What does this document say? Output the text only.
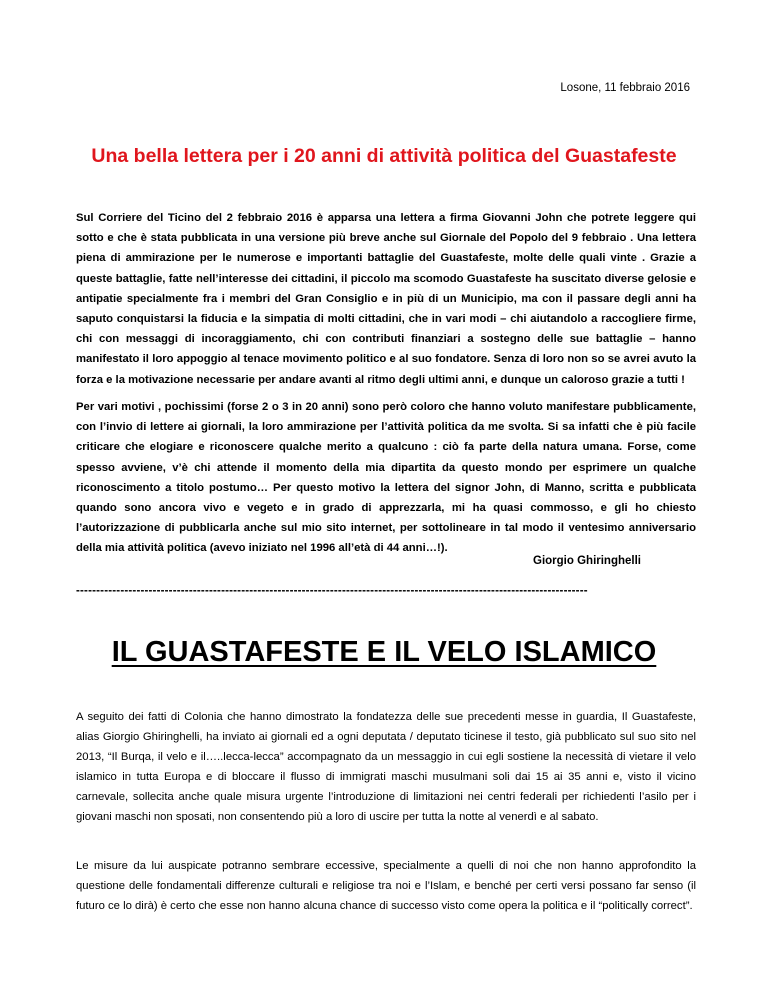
Losone, 11 febbraio 2016
Una bella lettera per i 20 anni di attività politica del Guastafeste

Sul Corriere del Ticino del 2 febbraio 2016 è apparsa una lettera a firma Giovanni John che potrete leggere qui sotto e che è stata pubblicata in una versione più breve anche sul Giornale del Popolo del 9 febbraio . Una lettera piena di ammirazione per le numerose e importanti battaglie del Guastafeste, molte delle quali vinte . Grazie a queste battaglie, fatte nell’interesse dei cittadini, il piccolo ma scomodo Guastafeste ha suscitato diverse gelosie e antipatie specialmente fra i membri del Gran Consiglio e in più di un Municipio, ma con il passare degli anni ha saputo conquistarsi la fiducia e la simpatia di molti cittadini, che in vari modi – chi aiutandolo a raccogliere firme, chi con messaggi di incoraggiamento, chi con contributi finanziari a sostegno delle sue battaglie – hanno manifestato il loro appoggio al tenace movimento politico e al suo fondatore. Senza di loro non so se avrei avuto la forza e la motivazione necessarie per andare avanti al ritmo degli ultimi anni, e dunque un caloroso grazie a tutti !

Per vari motivi , pochissimi (forse 2 o 3 in 20 anni) sono però coloro che hanno voluto manifestare pubblicamente, con l’invio di lettere ai giornali, la loro ammirazione per l’attività politica da me svolta. Si sa infatti che è più facile criticare che elogiare e riconoscere qualche merito a qualcuno : ciò fa parte della natura umana. Forse, come spesso avviene, v’è chi attende il momento della mia dipartita da questo mondo per esprimere un qualche riconoscimento a titolo postumo… Per questo motivo la lettera del signor John, di Manno, scritta e pubblicata quando sono ancora vivo e vegeto e in grado di apprezzarla, mi ha quasi commosso, e gli ho chiesto l’autorizzazione di pubblicarla anche sul mio sito internet, per sottolineare in tal modo il ventesimo anniversario della mia attività politica (avevo iniziato nel 1996 all’età di 44 anni…!).

Giorgio Ghiringhelli
-------------------------------------------------------------------------------------------------------------------------------
IL GUASTAFESTE E IL VELO ISLAMICO

A seguito dei fatti di Colonia che hanno dimostrato la fondatezza delle sue precedenti messe in guardia, Il Guastafeste, alias Giorgio Ghiringhelli, ha inviato ai giornali ed a ogni deputata / deputato ticinese il testo, già pubblicato sul suo sito nel 2013, “Il Burqa, il velo e il…..lecca-lecca” accompagnato da un messaggio in cui egli sostiene la necessità di vietare il velo islamico in tutta Europa e di bloccare il flusso di immigrati maschi musulmani soli dai 15 ai 35 anni e, visto il vicino carnevale, sollecita anche quale misura urgente l’introduzione di limitazioni nei centri federali per richiedenti l’asilo per i giovani maschi non sposati, non consentendo più a loro di uscire per tutta la notte al venerdì e al sabato.

Le misure da lui auspicate potranno sembrare eccessive, specialmente a quelli di noi che non hanno approfondito la questione delle fondamentali differenze culturali e religiose tra noi e l’Islam, e benché per certi versi possano far senso (il futuro ce lo dirà) è certo che esse non hanno alcuna chance di successo visto come opera la politica e il “politically correct”.
